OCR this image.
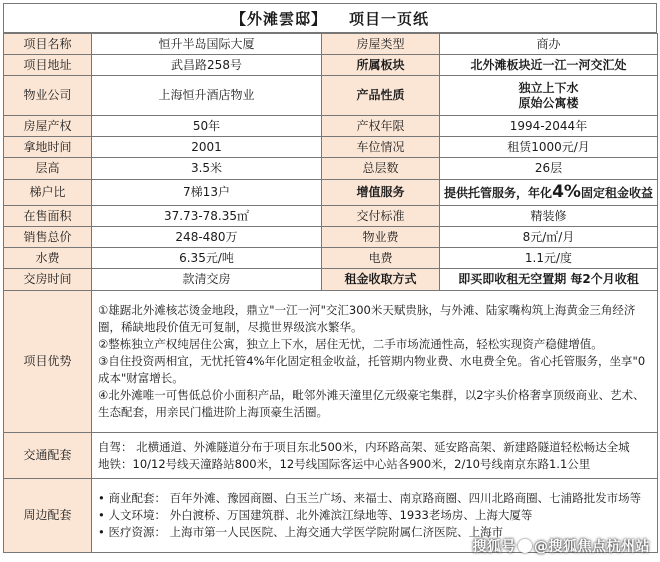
【外滩雲邸】 项目一页纸
项目名称	恒升半岛国际大厦	房屋类型	商办
项目地址	武昌路258号	所属板块	北外滩板块近一江一河交汇处
物业公司	上海恒升酒店物业	产品性质	独立上下水
原始公寓楼

房屋产权	50年	产权年限	1994-2044年
拿地时间	2001	车位情况	租赁1000元/月
层高	3.5米	总层数	26层
梯户比	7梯13户	增值服务	提供托管服务，年化4%固定租金收益
在售面积	37.73-78.35㎡	交付标准	精装修
销售总价	248-480万	物业费	8元/㎡/月
水费	6.35元/吨	电费	1.1元/度
交房时间	款清交房	租金收取方式	即买即收租无空置期 每2个月收租
项目优势	①雄踞北外滩核芯烫金地段，鼎立"一江一河"交汇300米天赋贵脉，与外滩、陆家嘴构筑上海黄金三角经济圈，稀缺地段价值无可复制，尽揽世界级滨水繁华。

②整栋独立产权纯居住公寓，独立上下水，居住无忧，二手市场流通性高，轻松实现资产稳健增值。

③自住投资两相宜，无忧托管4%年化固定租金收益，托管期内物业费、水电费全免。省心托管服务，坐享"0成本"财富增长。

④北外滩唯一可售低总价小面积产品，毗邻外滩天潼里亿元级豪宅集群，以2字头价格奢享顶级商业、艺术、生态配套，用亲民门槛进阶上海顶豪生活圈。		

交通配套	自驾： 北横通道、外滩隧道分布于项目东北500米，内环路高架、延安路高架、新建路隧道轻松畅达全城

地铁：10/12号线天潼路站800米，12号线国际客运中心站各900米，2/10号线南京东路1.1公里		

周边配套	• 商业配套： 百年外滩、豫园商圈、白玉兰广场、来福士、南京路商圈、四川北路商圈、七浦路批发市场等

• 人文环境： 外白渡桥、万国建筑群、北外滩滨江绿地等、1933老场房、上海大厦等

• 医疗资源： 上海市第一人民医院、上海交通大学医学院附属仁济医院、上海市		

搜狐号 @搜狐焦点杭州站
